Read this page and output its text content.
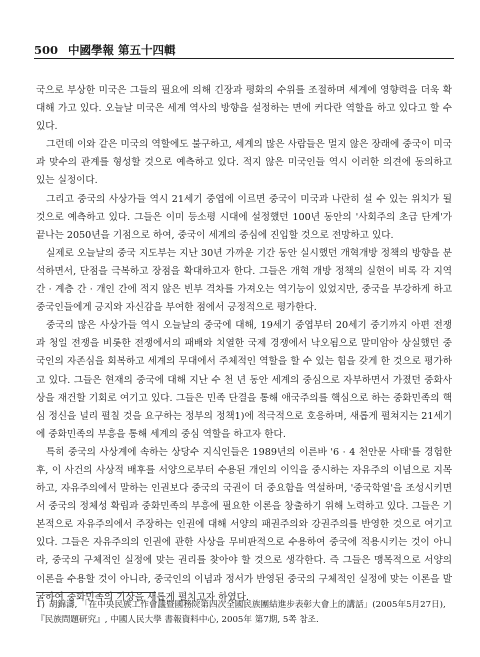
500 中國學報 第五十四輯

국으로 부상한 미국은 그들의 필요에 의해 긴장과 평화의 수위를 조절하며 세계에 영향력을 더욱 확대해 가고 있다. 오늘날 미국은 세계 역사의 방향을 설정하는 면에 커다란 역할을 하고 있다고 할 수 있다.

그런데 이와 같은 미국의 역할에도 불구하고, 세계의 많은 사람들은 멀지 않은 장래에 중국이 미국과 맞수의 관계를 형성할 것으로 예측하고 있다. 적지 않은 미국인들 역시 이러한 의견에 동의하고 있는 실정이다.

그리고 중국의 사상가들 역시 21세기 중엽에 이르면 중국이 미국과 나란히 설 수 있는 위치가 될 것으로 예측하고 있다. 그들은 이미 등소평 시대에 설정했던 100년 동안의 '사회주의 초급 단계'가 끝나는 2050년을 기점으로 하여, 중국이 세계의 중심에 진입할 것으로 전망하고 있다.

실제로 오늘날의 중국 지도부는 지난 30년 가까운 기간 동안 실시했던 개혁개방 정책의 방향을 분석하면서, 단점을 극복하고 장점을 확대하고자 한다. 그들은 개혁 개방 정책의 실현이 비록 각 지역 간 · 계층 간 · 개인 간에 적지 않은 빈부 격차를 가져오는 역기능이 있었지만, 중국을 부강하게 하고 중국인들에게 긍지와 자신감을 부여한 점에서 긍정적으로 평가한다.

중국의 많은 사상가들 역시 오늘날의 중국에 대해, 19세기 중엽부터 20세기 중기까지 아편 전쟁과 청일 전쟁을 비롯한 전쟁에서의 패배와 치열한 국제 경쟁에서 낙오됨으로 말미암아 상실했던 중국인의 자존심을 회복하고 세계의 무대에서 주체적인 역할을 할 수 있는 힘을 갖게 한 것으로 평가하고 있다. 그들은 현재의 중국에 대해 지난 수 천 년 동안 세계의 중심으로 자부하면서 가졌던 중화사상을 재건할 기회로 여기고 있다. 그들은 민족 단결을 통해 애국주의를 핵심으로 하는 중화민족의 핵심 정신을 널리 펼칠 것을 요구하는 정부의 정책1)에 적극적으로 호응하며, 새롭게 펼쳐지는 21세기에 중화민족의 부흥을 통해 세계의 중심 역할을 하고자 한다.

특히 중국의 사상계에 속하는 상당수 지식인들은 1989년의 이른바 '6 · 4 천안문 사태'를 경험한 후, 이 사건의 사상적 배후를 서양으로부터 수용된 개인의 이익을 중시하는 자유주의 이념으로 지목하고, 자유주의에서 말하는 인권보다 중국의 국권이 더 중요함을 역설하며, '중국학열'을 조성시키면서 중국의 정체성 확립과 중화민족의 부흥에 필요한 이론을 창출하기 위해 노력하고 있다. 그들은 기본적으로 자유주의에서 주장하는 인권에 대해 서양의 패권주의와 강권주의를 반영한 것으로 여기고 있다. 그들은 자유주의의 인권에 관한 사상을 무비판적으로 수용하여 중국에 적용시키는 것이 아니라, 중국의 구체적인 실정에 맞는 권리를 찾아야 할 것으로 생각한다. 즉 그들은 맹목적으로 서양의 이론을 수용할 것이 아니라, 중국인의 이념과 정서가 반영된 중국의 구체적인 실정에 맞는 이론을 발굴하여 중화민족의 기상을 새롭게 펼치고자 하였다.

1) 胡錦濤, 「在中央民族工作會議暨國務院第四次全國民族團結進步表彰大會上的講話」(2005年5月27日), 『民族問題研究』, 中國人民大學 書報資料中心, 2005年 第7期, 5쪽 참조.
